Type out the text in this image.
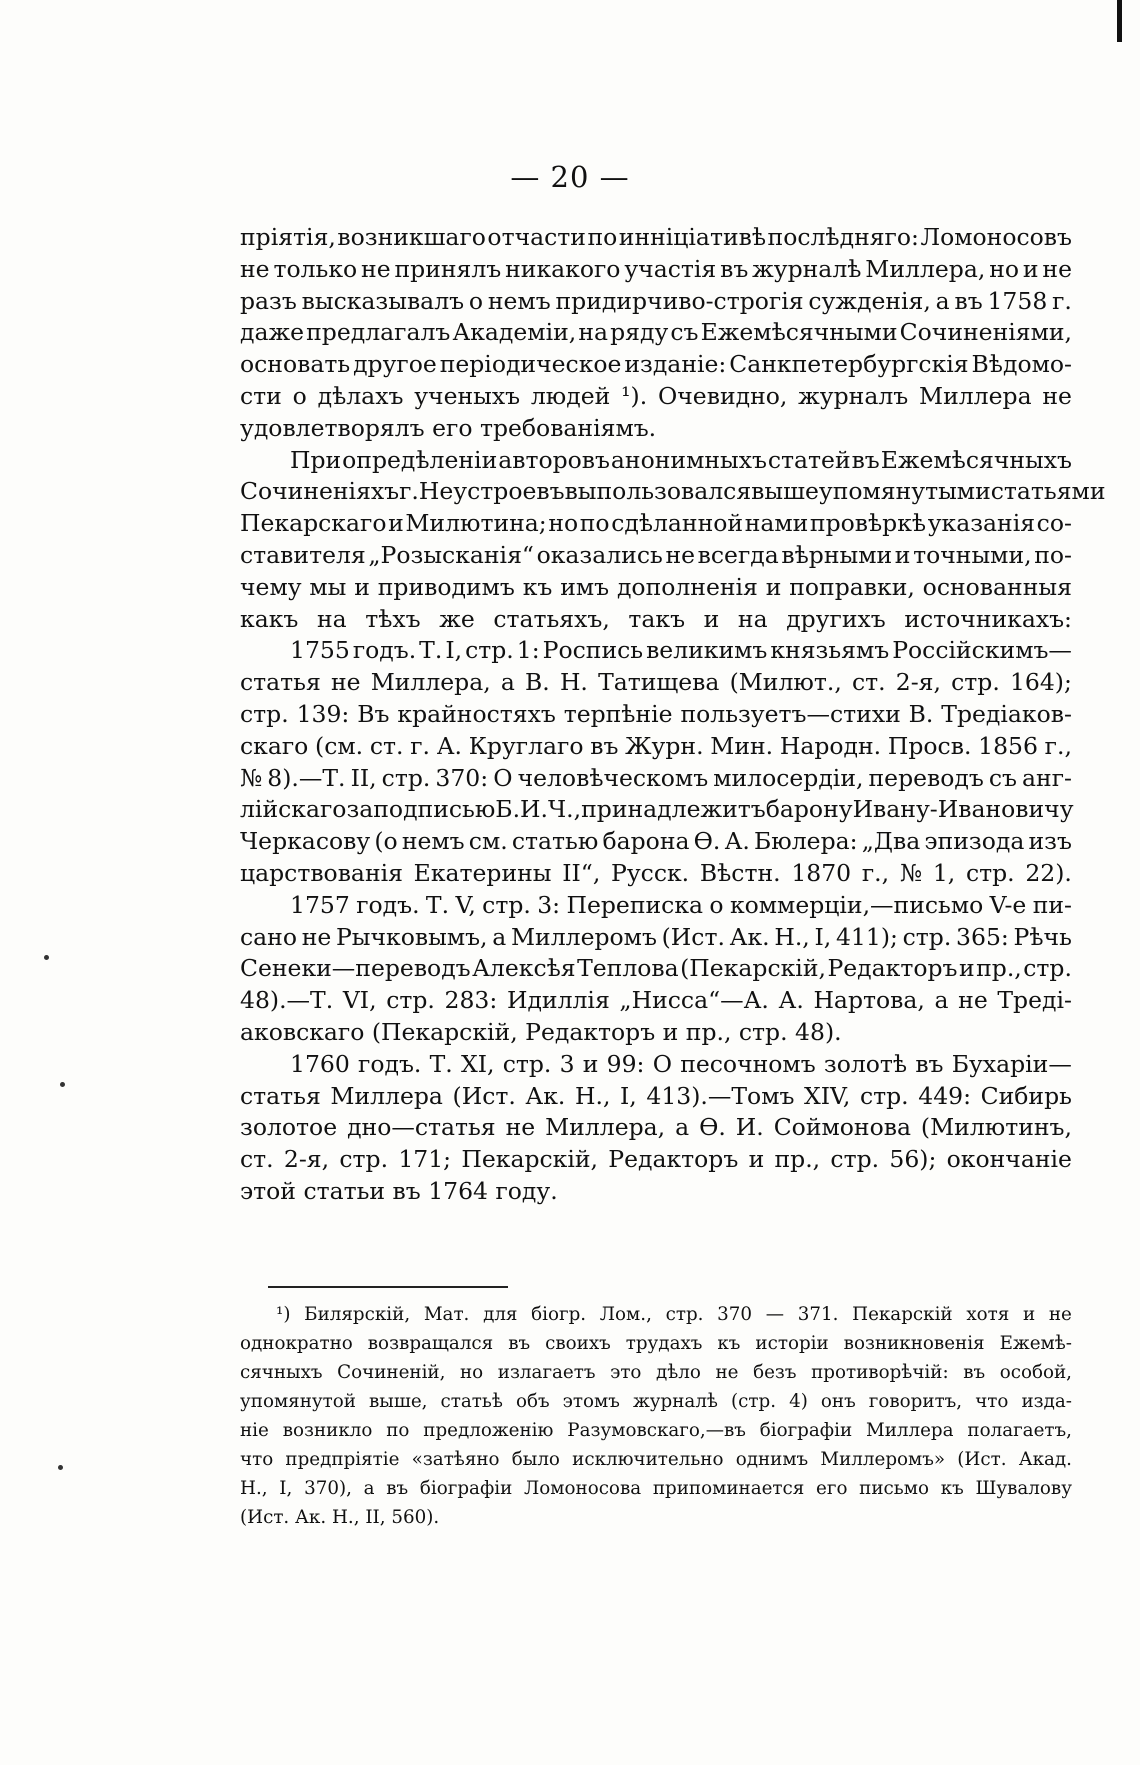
— 20 —
пріятія, возникшаго отчасти по инніціативѣ послѣдняго: Ломоносовъ
не только не принялъ никакого участія въ журналѣ Миллера, но и не
разъ высказывалъ о немъ придирчиво-строгія сужденія, а въ 1758 г.
даже предлагалъ Академіи, на ряду съ Ежемѣсячными Сочиненіями,
основать другое періодическое изданіе: Санкпетербургскія Вѣдомо-
сти о дѣлахъ ученыхъ людей ¹). Очевидно, журналъ Миллера не
удовлетворялъ его требованіямъ.
При опредѣленіи авторовъ анонимныхъ статей въ Ежемѣсячныхъ
Сочиненіяхъ г. Неустроевъ выпользовался вышеупомянутыми статьями
Пекарскаго и Милютина; но по сдѣланной нами провѣркѣ указанія со-
ставителя „Розысканія“ оказались не всегда вѣрными и точными, по-
чему мы и приводимъ къ имъ дополненія и поправки, основанныя
какъ на тѣхъ же статьяхъ, такъ и на другихъ источникахъ:
1755 годъ. Т. I, стр. 1: Роспись великимъ князьямъ Россійскимъ—
статья не Миллера, а В. Н. Татищева (Милют., ст. 2-я, стр. 164);
стр. 139: Въ крайностяхъ терпѣніе пользуетъ—стихи В. Тредіаков-
скаго (см. ст. г. А. Круглаго въ Журн. Мин. Народн. Просв. 1856 г.,
№ 8).—Т. II, стр. 370: О человѣческомъ милосердіи, переводъ съ анг-
лійскаго за подписью Б. И. Ч., принадлежитъ барону Ивану-Ивановичу
Черкасову (о немъ см. статью барона Ѳ. А. Бюлера: „Два эпизода изъ
царствованія Екатерины II“, Русск. Вѣстн. 1870 г., № 1, стр. 22).
1757 годъ. Т. V, стр. 3: Переписка о коммерціи,—письмо V-е пи-
сано не Рычковымъ, а Миллеромъ (Ист. Ак. Н., I, 411); стр. 365: Рѣчь
Сенеки—переводъ Алексѣя Теплова (Пекарскій, Редакторъ и пр., стр.
48).—Т. VI, стр. 283: Идиллія „Нисса“—А. А. Нартова, а не Треді-
аковскаго (Пекарскій, Редакторъ и пр., стр. 48).
1760 годъ. Т. XI, стр. 3 и 99: О песочномъ золотѣ въ Бухаріи—
статья Миллера (Ист. Ак. Н., I, 413).—Томъ XIV, стр. 449: Сибирь
золотое дно—статья не Миллера, а Ѳ. И. Соймонова (Милютинъ,
ст. 2-я, стр. 171; Пекарскій, Редакторъ и пр., стр. 56); окончаніе
этой статьи въ 1764 году.
¹) Билярскій, Мат. для біогр. Лом., стр. 370 — 371. Пекарскій хотя и не
однократно возвращался въ своихъ трудахъ къ исторіи возникновенія Ежемѣ-
сячныхъ Сочиненій, но излагаетъ это дѣло не безъ противорѣчій: въ особой,
упомянутой выше, статьѣ объ этомъ журналѣ (стр. 4) онъ говоритъ, что изда-
ніе возникло по предложенію Разумовскаго,—въ біографіи Миллера полагаетъ,
что предпріятіе «затѣяно было исключительно однимъ Миллеромъ» (Ист. Акад.
Н., I, 370), а въ біографіи Ломоносова припоминается его письмо къ Шувалову
(Ист. Ак. Н., II, 560).
